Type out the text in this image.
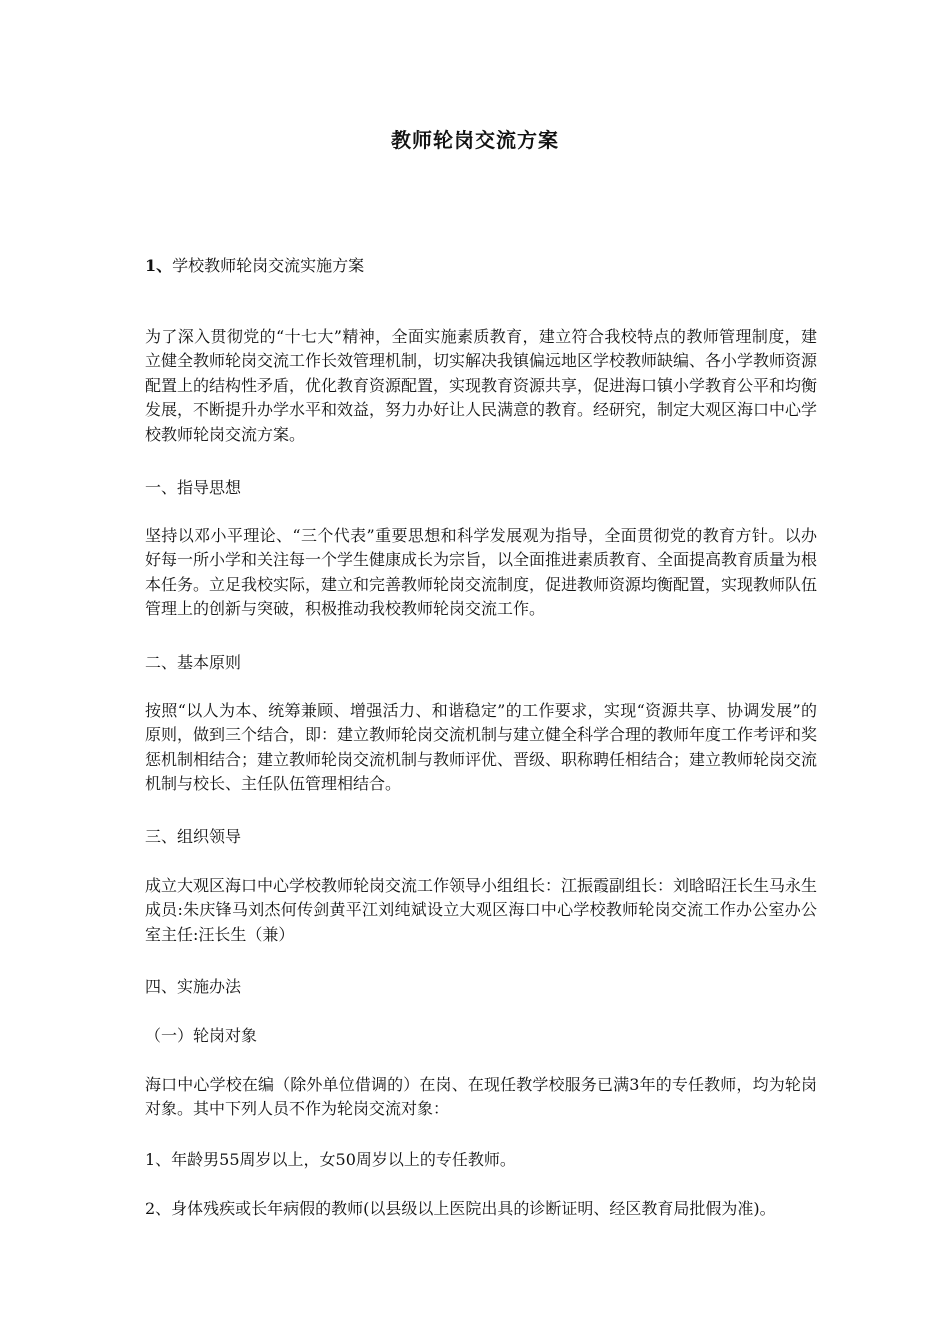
教师轮岗交流方案

1、学校教师轮岗交流实施方案

为了深入贯彻党的“十七大”精神，全面实施素质教育，建立符合我校特点的教师管理制度，建立健全教师轮岗交流工作长效管理机制，切实解决我镇偏远地区学校教师缺编、各小学教师资源配置上的结构性矛盾，优化教育资源配置，实现教育资源共享，促进海口镇小学教育公平和均衡发展，不断提升办学水平和效益，努力办好让人民满意的教育。经研究，制定大观区海口中心学校教师轮岗交流方案。

一、指导思想

坚持以邓小平理论、“三个代表”重要思想和科学发展观为指导，全面贯彻党的教育方针。以办好每一所小学和关注每一个学生健康成长为宗旨，以全面推进素质教育、全面提高教育质量为根本任务。立足我校实际，建立和完善教师轮岗交流制度，促进教师资源均衡配置，实现教师队伍管理上的创新与突破，积极推动我校教师轮岗交流工作。

二、基本原则

按照“以人为本、统筹兼顾、增强活力、和谐稳定”的工作要求，实现“资源共享、协调发展”的原则，做到三个结合，即：建立教师轮岗交流机制与建立健全科学合理的教师年度工作考评和奖惩机制相结合；建立教师轮岗交流机制与教师评优、晋级、职称聘任相结合；建立教师轮岗交流机制与校长、主任队伍管理相结合。

三、组织领导

成立大观区海口中心学校教师轮岗交流工作领导小组组长：江振霞副组长：刘晗昭汪长生马永生成员:朱庆锋马刘杰何传剑黄平江刘纯斌设立大观区海口中心学校教师轮岗交流工作办公室办公室主任:汪长生（兼）

四、实施办法

（一）轮岗对象

海口中心学校在编（除外单位借调的）在岗、在现任教学校服务已满3年的专任教师，均为轮岗对象。其中下列人员不作为轮岗交流对象：

1、年龄男55周岁以上，女50周岁以上的专任教师。

2、身体残疾或长年病假的教师(以县级以上医院出具的诊断证明、经区教育局批假为准)。
